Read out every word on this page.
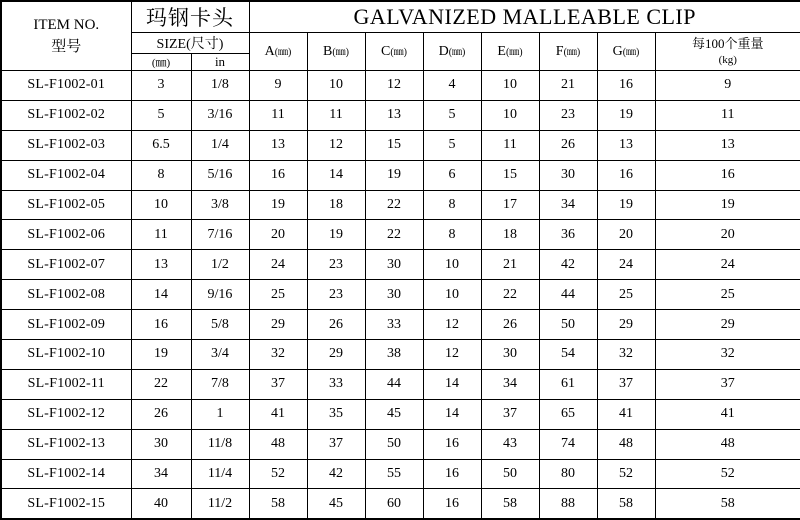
ITEM NO.
型号	玛钢卡头		GALVANIZED MALLEABLE CLIP							
	SIZE(尺寸)		A(㎜)	B(㎜)	C(㎜)	D(㎜)	E(㎜)	F(㎜)	G(㎜)	每100个重量
(kg)

	(㎜)	in								
SL-F1002-01	3	1/8	9	10	12	4	10	21	16	9
SL-F1002-02	5	3/16	11	11	13	5	10	23	19	11
SL-F1002-03	6.5	1/4	13	12	15	5	11	26	13	13
SL-F1002-04	8	5/16	16	14	19	6	15	30	16	16
SL-F1002-05	10	3/8	19	18	22	8	17	34	19	19
SL-F1002-06	11	7/16	20	19	22	8	18	36	20	20
SL-F1002-07	13	1/2	24	23	30	10	21	42	24	24
SL-F1002-08	14	9/16	25	23	30	10	22	44	25	25
SL-F1002-09	16	5/8	29	26	33	12	26	50	29	29
SL-F1002-10	19	3/4	32	29	38	12	30	54	32	32
SL-F1002-11	22	7/8	37	33	44	14	34	61	37	37
SL-F1002-12	26	1	41	35	45	14	37	65	41	41
SL-F1002-13	30	11/8	48	37	50	16	43	74	48	48
SL-F1002-14	34	11/4	52	42	55	16	50	80	52	52
SL-F1002-15	40	11/2	58	45	60	16	58	88	58	58
